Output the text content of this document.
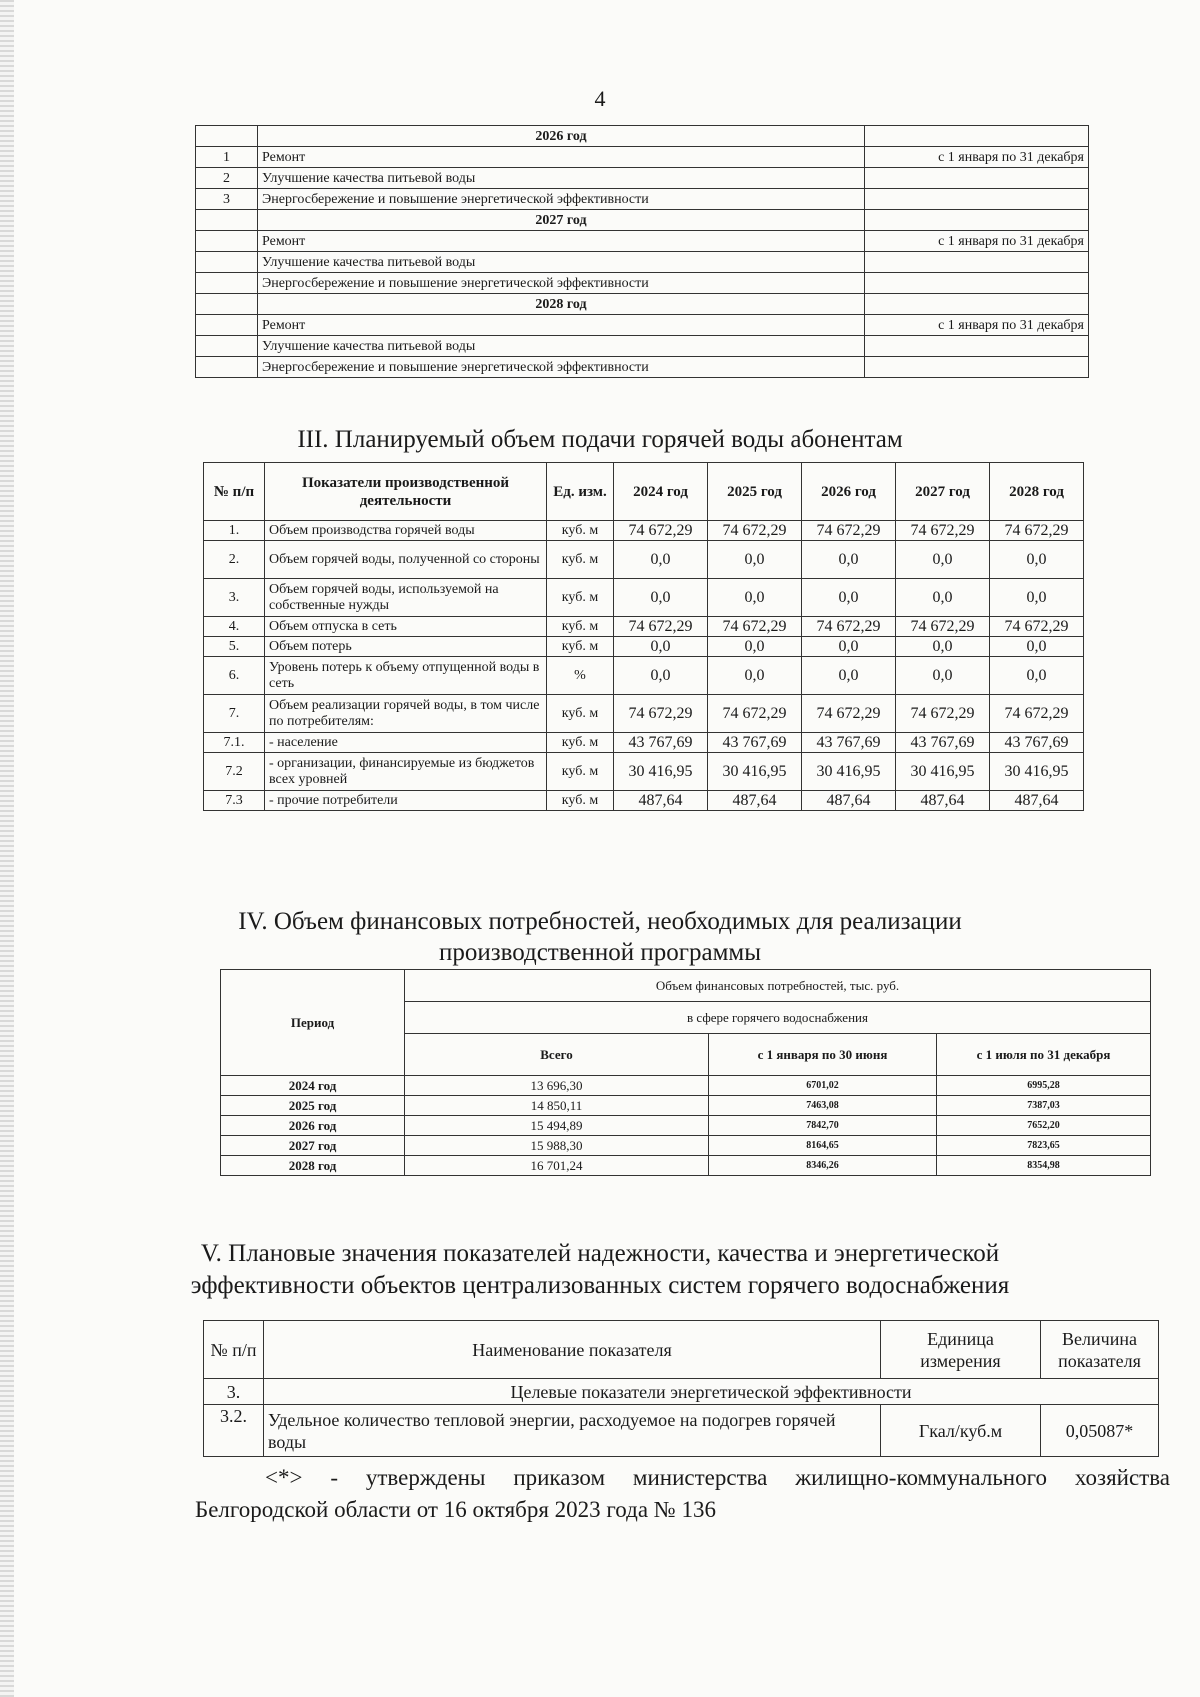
4
	2026 год	
1	Ремонт	с 1 января по 31 декабря
2	Улучшение качества питьевой воды	
3	Энергосбережение и повышение энергетической эффективности	
	2027 год	
	Ремонт	с 1 января по 31 декабря
	Улучшение качества питьевой воды	
	Энергосбережение и повышение энергетической эффективности	
	2028 год	
	Ремонт	с 1 января по 31 декабря
	Улучшение качества питьевой воды	
	Энергосбережение и повышение энергетической эффективности	
III. Планируемый объем подачи горячей воды абонентам
№ п/п	Показатели производственной деятельности	Ед. изм.	2024 год	2025 год	2026 год	2027 год	2028 год
1.	Объем производства горячей воды	куб. м	74 672,29	74 672,29	74 672,29	74 672,29	74 672,29
2.	Объем горячей воды, полученной со стороны	куб. м	0,0	0,0	0,0	0,0	0,0
3.	Объем горячей воды, используемой на собственные нужды	куб. м	0,0	0,0	0,0	0,0	0,0
4.	Объем отпуска в сеть	куб. м	74 672,29	74 672,29	74 672,29	74 672,29	74 672,29
5.	Объем потерь	куб. м	0,0	0,0	0,0	0,0	0,0
6.	Уровень потерь к объему отпущенной воды в сеть	%	0,0	0,0	0,0	0,0	0,0
7.	Объем реализации горячей воды, в том числе по потребителям:	куб. м	74 672,29	74 672,29	74 672,29	74 672,29	74 672,29
7.1.	- население	куб. м	43 767,69	43 767,69	43 767,69	43 767,69	43 767,69
7.2	- организации, финансируемые из бюджетов всех уровней	куб. м	30 416,95	30 416,95	30 416,95	30 416,95	30 416,95
7.3	- прочие потребители	куб. м	487,64	487,64	487,64	487,64	487,64
IV. Объем финансовых потребностей, необходимых для реализации
производственной программы
Период	Объем финансовых потребностей, тыс. руб.		
	в сфере горячего водоснабжения		
	Всего	с 1 января по 30 июня	с 1 июля по 31 декабря
2024 год	13 696,30	6701,02	6995,28
2025 год	14 850,11	7463,08	7387,03
2026 год	15 494,89	7842,70	7652,20
2027 год	15 988,30	8164,65	7823,65
2028 год	16 701,24	8346,26	8354,98
V. Плановые значения показателей надежности, качества и энергетической
эффективности объектов централизованных систем горячего водоснабжения
№ п/п	Наименование показателя	Единица измерения	Величина показателя
3.	Целевые показатели энергетической эффективности		
3.2.	Удельное количество тепловой энергии, расходуемое на подогрев горячей воды	Гкал/куб.м	0,05087*
<*> - утверждены приказом министерства жилищно-коммунального хозяйства
Белгородской области от 16 октября 2023 года № 136
